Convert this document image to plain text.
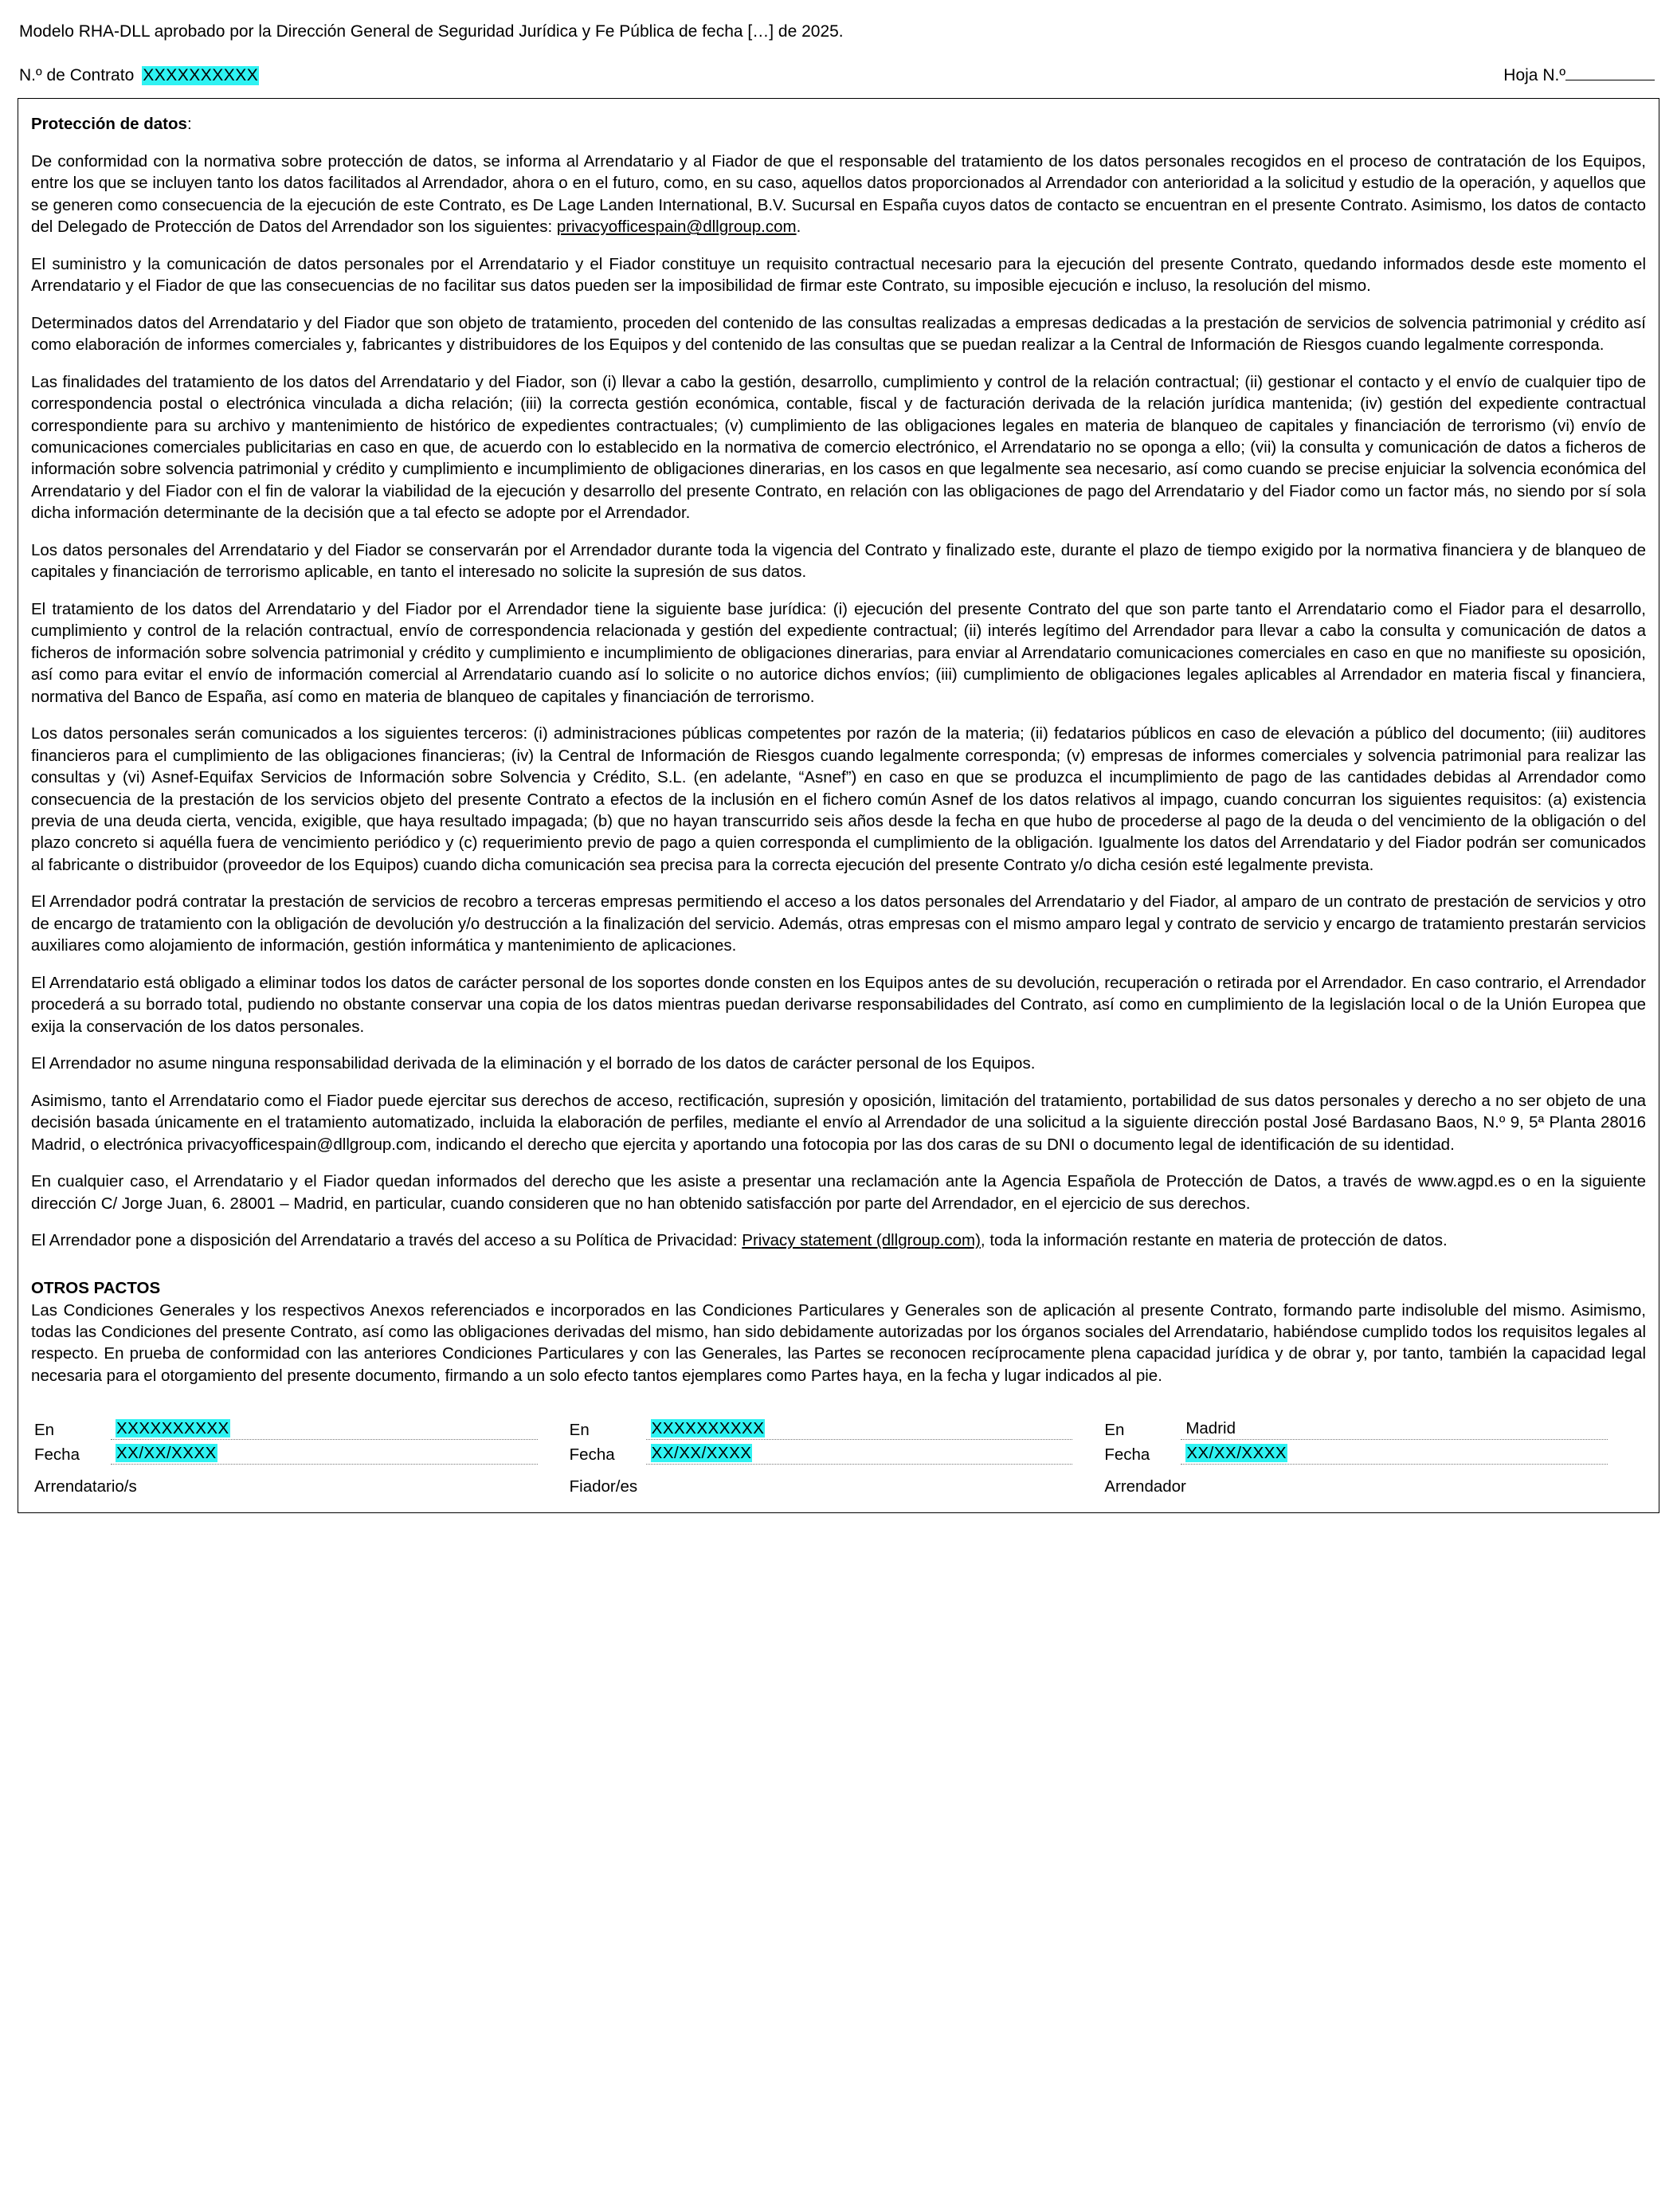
Modelo RHA-DLL aprobado por la Dirección General de Seguridad Jurídica y Fe Pública de fecha […] de 2025.
N.º de Contrato XXXXXXXXXX	Hoja N.º

Protección de datos:

De conformidad con la normativa sobre protección de datos, se informa al Arrendatario y al Fiador de que el responsable del tratamiento de los datos personales recogidos en el proceso de contratación de los Equipos, entre los que se incluyen tanto los datos facilitados al Arrendador, ahora o en el futuro, como, en su caso, aquellos datos proporcionados al Arrendador con anterioridad a la solicitud y estudio de la operación, y aquellos que se generen como consecuencia de la ejecución de este Contrato, es De Lage Landen International, B.V. Sucursal en España cuyos datos de contacto se encuentran en el presente Contrato. Asimismo, los datos de contacto del Delegado de Protección de Datos del Arrendador son los siguientes: privacyofficespain@dllgroup.com.

El suministro y la comunicación de datos personales por el Arrendatario y el Fiador constituye un requisito contractual necesario para la ejecución del presente Contrato, quedando informados desde este momento el Arrendatario y el Fiador de que las consecuencias de no facilitar sus datos pueden ser la imposibilidad de firmar este Contrato, su imposible ejecución e incluso, la resolución del mismo.

Determinados datos del Arrendatario y del Fiador que son objeto de tratamiento, proceden del contenido de las consultas realizadas a empresas dedicadas a la prestación de servicios de solvencia patrimonial y crédito así como elaboración de informes comerciales y, fabricantes y distribuidores de los Equipos y del contenido de las consultas que se puedan realizar a la Central de Información de Riesgos cuando legalmente corresponda.

Las finalidades del tratamiento de los datos del Arrendatario y del Fiador, son (i) llevar a cabo la gestión, desarrollo, cumplimiento y control de la relación contractual; (ii) gestionar el contacto y el envío de cualquier tipo de correspondencia postal o electrónica vinculada a dicha relación; (iii) la correcta gestión económica, contable, fiscal y de facturación derivada de la relación jurídica mantenida; (iv) gestión del expediente contractual correspondiente para su archivo y mantenimiento de histórico de expedientes contractuales; (v) cumplimiento de las obligaciones legales en materia de blanqueo de capitales y financiación de terrorismo (vi) envío de comunicaciones comerciales publicitarias en caso en que, de acuerdo con lo establecido en la normativa de comercio electrónico, el Arrendatario no se oponga a ello; (vii) la consulta y comunicación de datos a ficheros de información sobre solvencia patrimonial y crédito y cumplimiento e incumplimiento de obligaciones dinerarias, en los casos en que legalmente sea necesario, así como cuando se precise enjuiciar la solvencia económica del Arrendatario y del Fiador con el fin de valorar la viabilidad de la ejecución y desarrollo del presente Contrato, en relación con las obligaciones de pago del Arrendatario y del Fiador como un factor más, no siendo por sí sola dicha información determinante de la decisión que a tal efecto se adopte por el Arrendador.

Los datos personales del Arrendatario y del Fiador se conservarán por el Arrendador durante toda la vigencia del Contrato y finalizado este, durante el plazo de tiempo exigido por la normativa financiera y de blanqueo de capitales y financiación de terrorismo aplicable, en tanto el interesado no solicite la supresión de sus datos.

El tratamiento de los datos del Arrendatario y del Fiador por el Arrendador tiene la siguiente base jurídica: (i) ejecución del presente Contrato del que son parte tanto el Arrendatario como el Fiador para el desarrollo, cumplimiento y control de la relación contractual, envío de correspondencia relacionada y gestión del expediente contractual; (ii) interés legítimo del Arrendador para llevar a cabo la consulta y comunicación de datos a ficheros de información sobre solvencia patrimonial y crédito y cumplimiento e incumplimiento de obligaciones dinerarias, para enviar al Arrendatario comunicaciones comerciales en caso en que no manifieste su oposición, así como para evitar el envío de información comercial al Arrendatario cuando así lo solicite o no autorice dichos envíos; (iii) cumplimiento de obligaciones legales aplicables al Arrendador en materia fiscal y financiera, normativa del Banco de España, así como en materia de blanqueo de capitales y financiación de terrorismo.

Los datos personales serán comunicados a los siguientes terceros: (i) administraciones públicas competentes por razón de la materia; (ii) fedatarios públicos en caso de elevación a público del documento; (iii) auditores financieros para el cumplimiento de las obligaciones financieras; (iv) la Central de Información de Riesgos cuando legalmente corresponda; (v) empresas de informes comerciales y solvencia patrimonial para realizar las consultas y (vi) Asnef-Equifax Servicios de Información sobre Solvencia y Crédito, S.L. (en adelante, “Asnef”) en caso en que se produzca el incumplimiento de pago de las cantidades debidas al Arrendador como consecuencia de la prestación de los servicios objeto del presente Contrato a efectos de la inclusión en el fichero común Asnef de los datos relativos al impago, cuando concurran los siguientes requisitos: (a) existencia previa de una deuda cierta, vencida, exigible, que haya resultado impagada; (b) que no hayan transcurrido seis años desde la fecha en que hubo de procederse al pago de la deuda o del vencimiento de la obligación o del plazo concreto si aquélla fuera de vencimiento periódico y (c) requerimiento previo de pago a quien corresponda el cumplimiento de la obligación. Igualmente los datos del Arrendatario y del Fiador podrán ser comunicados al fabricante o distribuidor (proveedor de los Equipos) cuando dicha comunicación sea precisa para la correcta ejecución del presente Contrato y/o dicha cesión esté legalmente prevista.

El Arrendador podrá contratar la prestación de servicios de recobro a terceras empresas permitiendo el acceso a los datos personales del Arrendatario y del Fiador, al amparo de un contrato de prestación de servicios y otro de encargo de tratamiento con la obligación de devolución y/o destrucción a la finalización del servicio. Además, otras empresas con el mismo amparo legal y contrato de servicio y encargo de tratamiento prestarán servicios auxiliares como alojamiento de información, gestión informática y mantenimiento de aplicaciones.

El Arrendatario está obligado a eliminar todos los datos de carácter personal de los soportes donde consten en los Equipos antes de su devolución, recuperación o retirada por el Arrendador. En caso contrario, el Arrendador procederá a su borrado total, pudiendo no obstante conservar una copia de los datos mientras puedan derivarse responsabilidades del Contrato, así como en cumplimiento de la legislación local o de la Unión Europea que exija la conservación de los datos personales.

El Arrendador no asume ninguna responsabilidad derivada de la eliminación y el borrado de los datos de carácter personal de los Equipos.

Asimismo, tanto el Arrendatario como el Fiador puede ejercitar sus derechos de acceso, rectificación, supresión y oposición, limitación del tratamiento, portabilidad de sus datos personales y derecho a no ser objeto de una decisión basada únicamente en el tratamiento automatizado, incluida la elaboración de perfiles, mediante el envío al Arrendador de una solicitud a la siguiente dirección postal José Bardasano Baos, N.º 9, 5ª Planta 28016 Madrid, o electrónica privacyofficespain@dllgroup.com, indicando el derecho que ejercita y aportando una fotocopia por las dos caras de su DNI o documento legal de identificación de su identidad.

En cualquier caso, el Arrendatario y el Fiador quedan informados del derecho que les asiste a presentar una reclamación ante la Agencia Española de Protección de Datos, a través de www.agpd.es o en la siguiente dirección C/ Jorge Juan, 6. 28001 – Madrid, en particular, cuando consideren que no han obtenido satisfacción por parte del Arrendador, en el ejercicio de sus derechos.

El Arrendador pone a disposición del Arrendatario a través del acceso a su Política de Privacidad: Privacy statement (dllgroup.com), toda la información restante en materia de protección de datos.

OTROS PACTOS

Las Condiciones Generales y los respectivos Anexos referenciados e incorporados en las Condiciones Particulares y Generales son de aplicación al presente Contrato, formando parte indisoluble del mismo. Asimismo, todas las Condiciones del presente Contrato, así como las obligaciones derivadas del mismo, han sido debidamente autorizadas por los órganos sociales del Arrendatario, habiéndose cumplido todos los requisitos legales al respecto. En prueba de conformidad con las anteriores Condiciones Particulares y con las Generales, las Partes se reconocen recíprocamente plena capacidad jurídica y de obrar y, por tanto, también la capacidad legal necesaria para el otorgamiento del presente documento, firmando a un solo efecto tantos ejemplares como Partes haya, en la fecha y lugar indicados al pie.

En	XXXXXXXXXX
Fecha	XX/XX/XXXX
Arrendatario/s
En	XXXXXXXXXX
Fecha	XX/XX/XXXX
Fiador/es
En	Madrid
Fecha	XX/XX/XXXX
Arrendador
